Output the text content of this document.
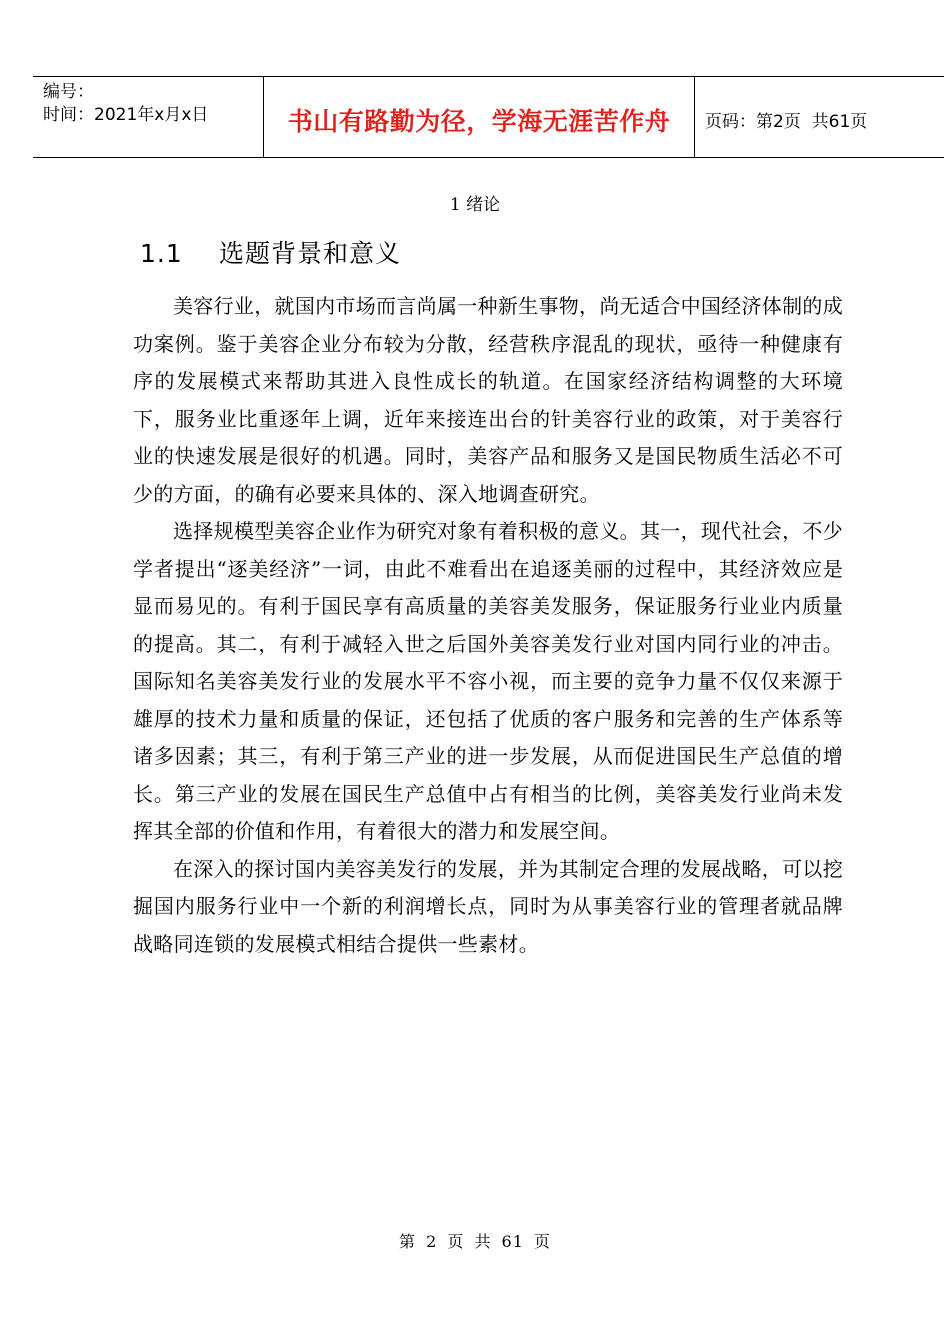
编号：
时间：2021年x月x日	书山有路勤为径，学海无涯苦作舟	页码：第2页  共61页
1 绪论
1.1 选题背景和意义

美容行业，就国内市场而言尚属一种新生事物，尚无适合中国经济体制的成功案例。鉴于美容企业分布较为分散，经营秩序混乱的现状，亟待一种健康有序的发展模式来帮助其进入良性成长的轨道。在国家经济结构调整的大环境下，服务业比重逐年上调，近年来接连出台的针美容行业的政策，对于美容行业的快速发展是很好的机遇。同时，美容产品和服务又是国民物质生活必不可少的方面，的确有必要来具体的、深入地调查研究。

选择规模型美容企业作为研究对象有着积极的意义。其一，现代社会，不少学者提出“逐美经济”一词，由此不难看出在追逐美丽的过程中，其经济效应是显而易见的。有利于国民享有高质量的美容美发服务，保证服务行业业内质量的提高。其二，有利于减轻入世之后国外美容美发行业对国内同行业的冲击。国际知名美容美发行业的发展水平不容小视，而主要的竞争力量不仅仅来源于雄厚的技术力量和质量的保证，还包括了优质的客户服务和完善的生产体系等诸多因素；其三，有利于第三产业的进一步发展，从而促进国民生产总值的增长。第三产业的发展在国民生产总值中占有相当的比例，美容美发行业尚未发挥其全部的价值和作用，有着很大的潜力和发展空间。

在深入的探讨国内美容美发行的发展，并为其制定合理的发展战略，可以挖掘国内服务行业中一个新的利润增长点，同时为从事美容行业的管理者就品牌战略同连锁的发展模式相结合提供一些素材。

第 2 页 共 61 页
